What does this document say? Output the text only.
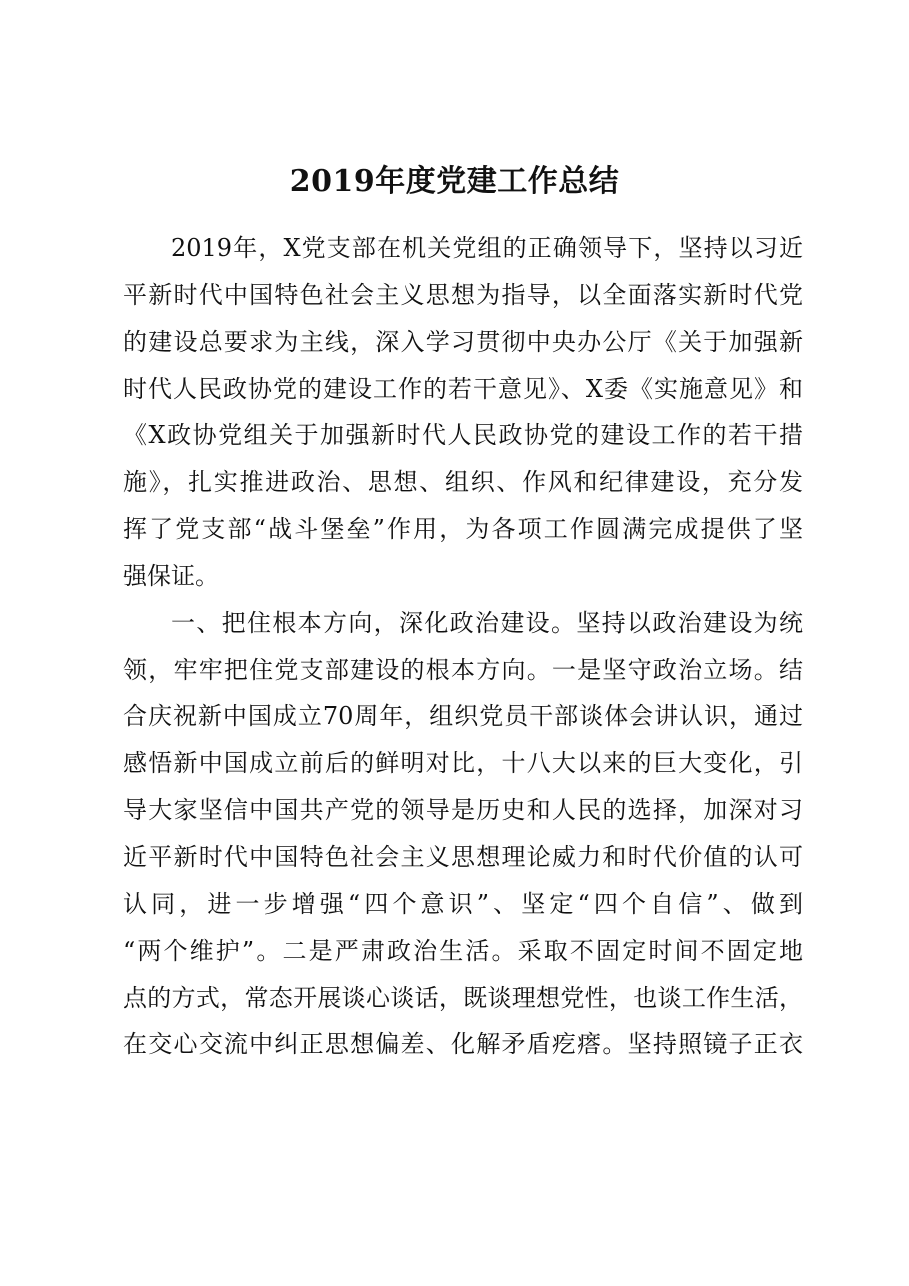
2019年度党建工作总结
2019年，X党支部在机关党组的正确领导下，坚持以习近
平新时代中国特色社会主义思想为指导，以全面落实新时代党
的建设总要求为主线，深入学习贯彻中央办公厅《关于加强新
时代人民政协党的建设工作的若干意见》、X委《实施意见》和
《X政协党组关于加强新时代人民政协党的建设工作的若干措
施》，扎实推进政治、思想、组织、作风和纪律建设，充分发
挥了党支部“战斗堡垒”作用，为各项工作圆满完成提供了坚
强保证。
一、把住根本方向，深化政治建设。坚持以政治建设为统
领，牢牢把住党支部建设的根本方向。一是坚守政治立场。结
合庆祝新中国成立70周年，组织党员干部谈体会讲认识，通过
感悟新中国成立前后的鲜明对比，十八大以来的巨大变化，引
导大家坚信中国共产党的领导是历史和人民的选择，加深对习
近平新时代中国特色社会主义思想理论威力和时代价值的认可
认同，进一步增强“四个意识”、坚定“四个自信”、做到
“两个维护”。二是严肃政治生活。采取不固定时间不固定地
点的方式，常态开展谈心谈话，既谈理想党性，也谈工作生活，
在交心交流中纠正思想偏差、化解矛盾疙瘩。坚持照镜子正衣
